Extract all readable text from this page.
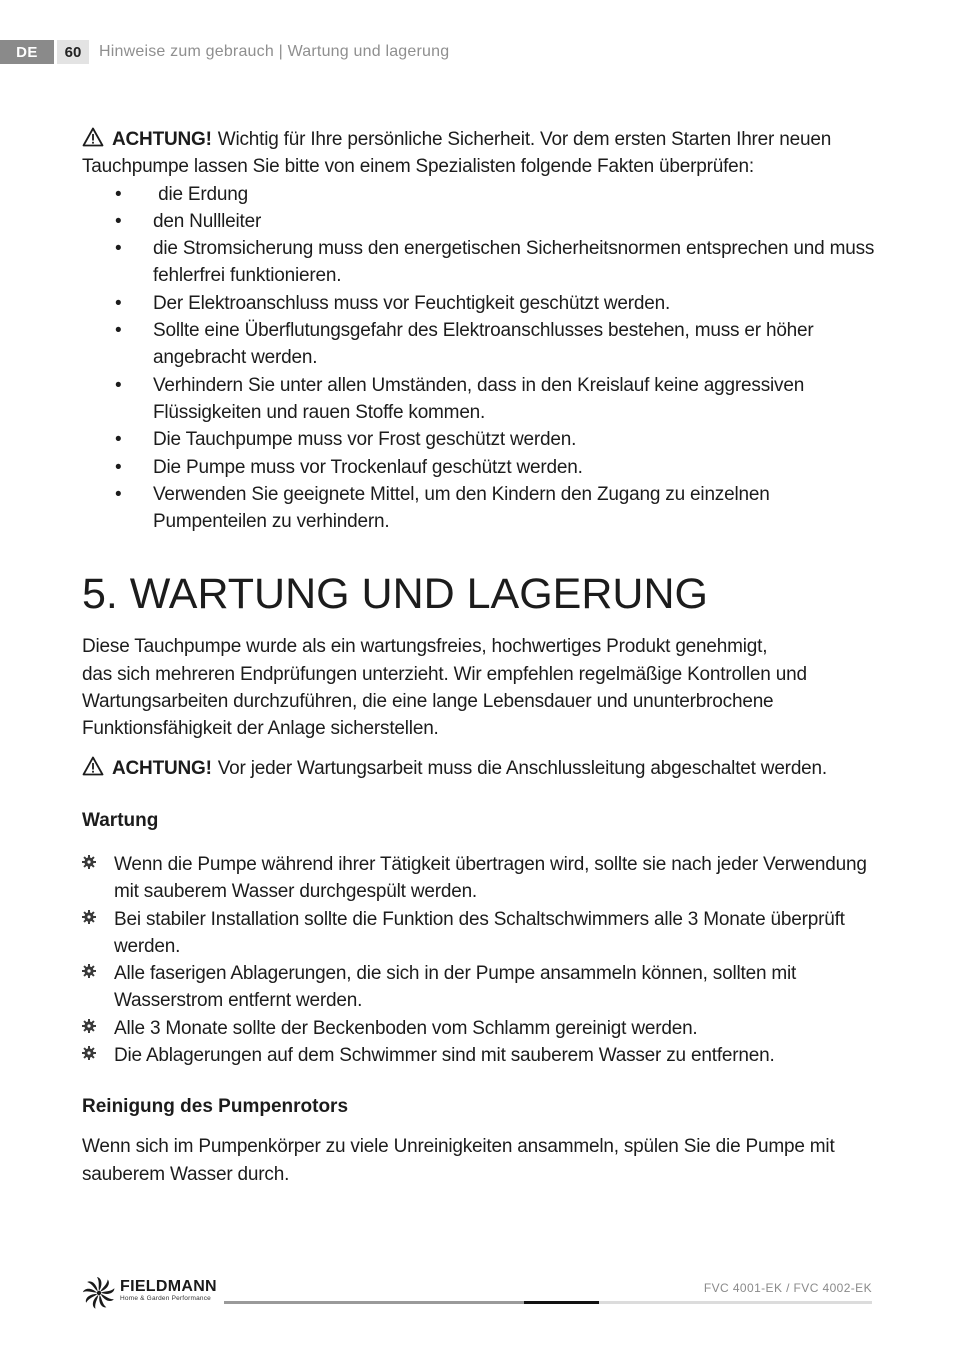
DE	60	Hinweise zum gebrauch | Wartung und lagerung

ACHTUNG! Wichtig für Ihre persönliche Sicherheit. Vor dem ersten Starten Ihrer neuen Tauchpumpe lassen Sie bitte von einem Spezialisten folgende Fakten überprüfen:

• die Erdung
• den Nullleiter
• die Stromsicherung muss den energetischen Sicherheitsnormen entsprechen und muss fehlerfrei funktionieren.
• Der Elektroanschluss muss vor Feuchtigkeit geschützt werden.
• Sollte eine Überflutungsgefahr des Elektroanschlusses bestehen, muss er höher angebracht werden.
• Verhindern Sie unter allen Umständen, dass in den Kreislauf keine aggressiven Flüssigkeiten und rauen Stoffe kommen.
• Die Tauchpumpe muss vor Frost geschützt werden.
• Die Pumpe muss vor Trockenlauf geschützt werden.
• Verwenden Sie geeignete Mittel, um den Kindern den Zugang zu einzelnen Pumpenteilen zu verhindern.
5. WARTUNG UND LAGERUNG

Diese Tauchpumpe wurde als ein wartungsfreies, hochwertiges Produkt genehmigt,

das sich mehreren Endprüfungen unterzieht. Wir empfehlen regelmäßige Kontrollen und

Wartungsarbeiten durchzuführen, die eine lange Lebensdauer und ununterbrochene

Funktionsfähigkeit der Anlage sicherstellen.

ACHTUNG! Vor jeder Wartungsarbeit muss die Anschlussleitung abgeschaltet werden.

Wartung
Wenn die Pumpe während ihrer Tätigkeit übertragen wird, sollte sie nach jeder Verwendung mit sauberem Wasser durchgespült werden.
Bei stabiler Installation sollte die Funktion des Schaltschwimmers alle 3 Monate überprüft werden.
Alle faserigen Ablagerungen, die sich in der Pumpe ansammeln können, sollten mit Wasserstrom entfernt werden.
Alle 3 Monate sollte der Beckenboden vom Schlamm gereinigt werden.
Die Ablagerungen auf dem Schwimmer sind mit sauberem Wasser zu entfernen.
Reinigung des Pumpenrotors

Wenn sich im Pumpenkörper zu viele Unreinigkeiten ansammeln, spülen Sie die Pumpe mit

sauberem Wasser durch.

FIELDMANN
Home & Garden Performance
FVC 4001-EK / FVC 4002-EK
